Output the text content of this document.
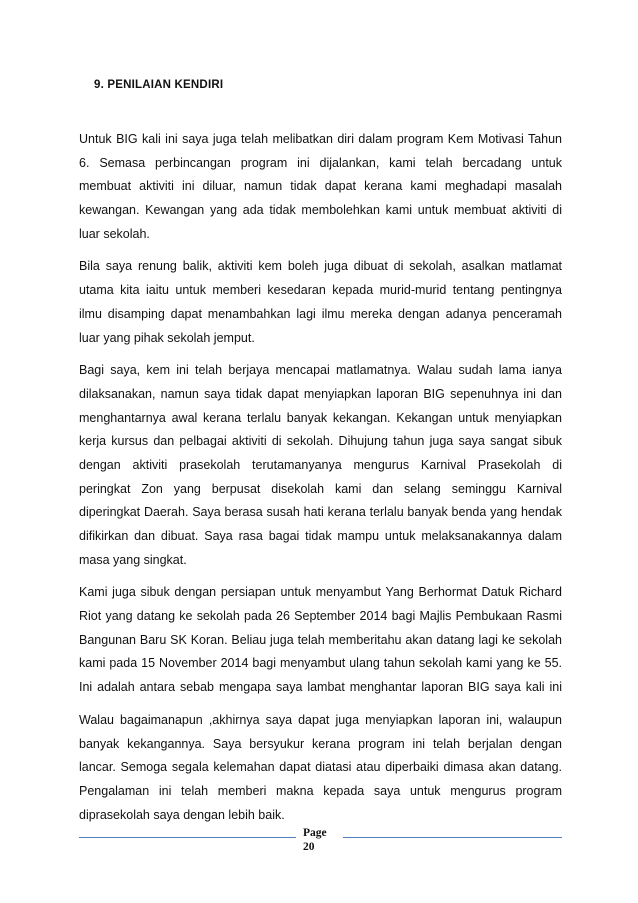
9. PENILAIAN KENDIRI
Untuk BIG kali ini saya juga telah melibatkan diri dalam program Kem Motivasi Tahun
6. Semasa perbincangan program ini dijalankan, kami telah bercadang untuk
membuat aktiviti ini diluar, namun tidak dapat kerana kami meghadapi masalah
kewangan. Kewangan yang ada tidak membolehkan kami untuk membuat aktiviti di
luar sekolah.
Bila saya renung balik, aktiviti kem boleh juga dibuat di sekolah, asalkan matlamat
utama kita iaitu untuk memberi kesedaran kepada murid-murid tentang pentingnya
ilmu disamping dapat menambahkan lagi ilmu mereka dengan adanya penceramah
luar yang pihak sekolah jemput.
Bagi saya, kem ini telah berjaya mencapai matlamatnya. Walau sudah lama ianya
dilaksanakan, namun saya tidak dapat menyiapkan laporan BIG sepenuhnya ini dan
menghantarnya awal kerana terlalu banyak kekangan. Kekangan untuk menyiapkan
kerja kursus dan pelbagai aktiviti di sekolah. Dihujung tahun juga saya sangat sibuk
dengan aktiviti prasekolah terutamanyanya mengurus Karnival Prasekolah di
peringkat Zon yang berpusat disekolah kami dan selang seminggu Karnival
diperingkat Daerah. Saya berasa susah hati kerana terlalu banyak benda yang hendak
difikirkan dan dibuat. Saya rasa bagai tidak mampu untuk melaksanakannya dalam
masa yang singkat.
Kami juga sibuk dengan persiapan untuk menyambut Yang Berhormat Datuk Richard
Riot yang datang ke sekolah pada 26 September 2014 bagi Majlis Pembukaan Rasmi
Bangunan Baru SK Koran. Beliau juga telah memberitahu akan datang lagi ke sekolah
kami pada 15 November 2014 bagi menyambut ulang tahun sekolah kami yang ke 55.
Ini adalah antara sebab mengapa saya lambat menghantar laporan BIG saya kali ini
Walau bagaimanapun ,akhirnya saya dapat juga menyiapkan laporan ini, walaupun
banyak kekangannya. Saya bersyukur kerana program ini telah berjalan dengan
lancar. Semoga segala kelemahan dapat diatasi atau diperbaiki dimasa akan datang.
Pengalaman ini telah memberi makna kepada saya untuk mengurus program
diprasekolah saya dengan lebih baik.
Page
20
